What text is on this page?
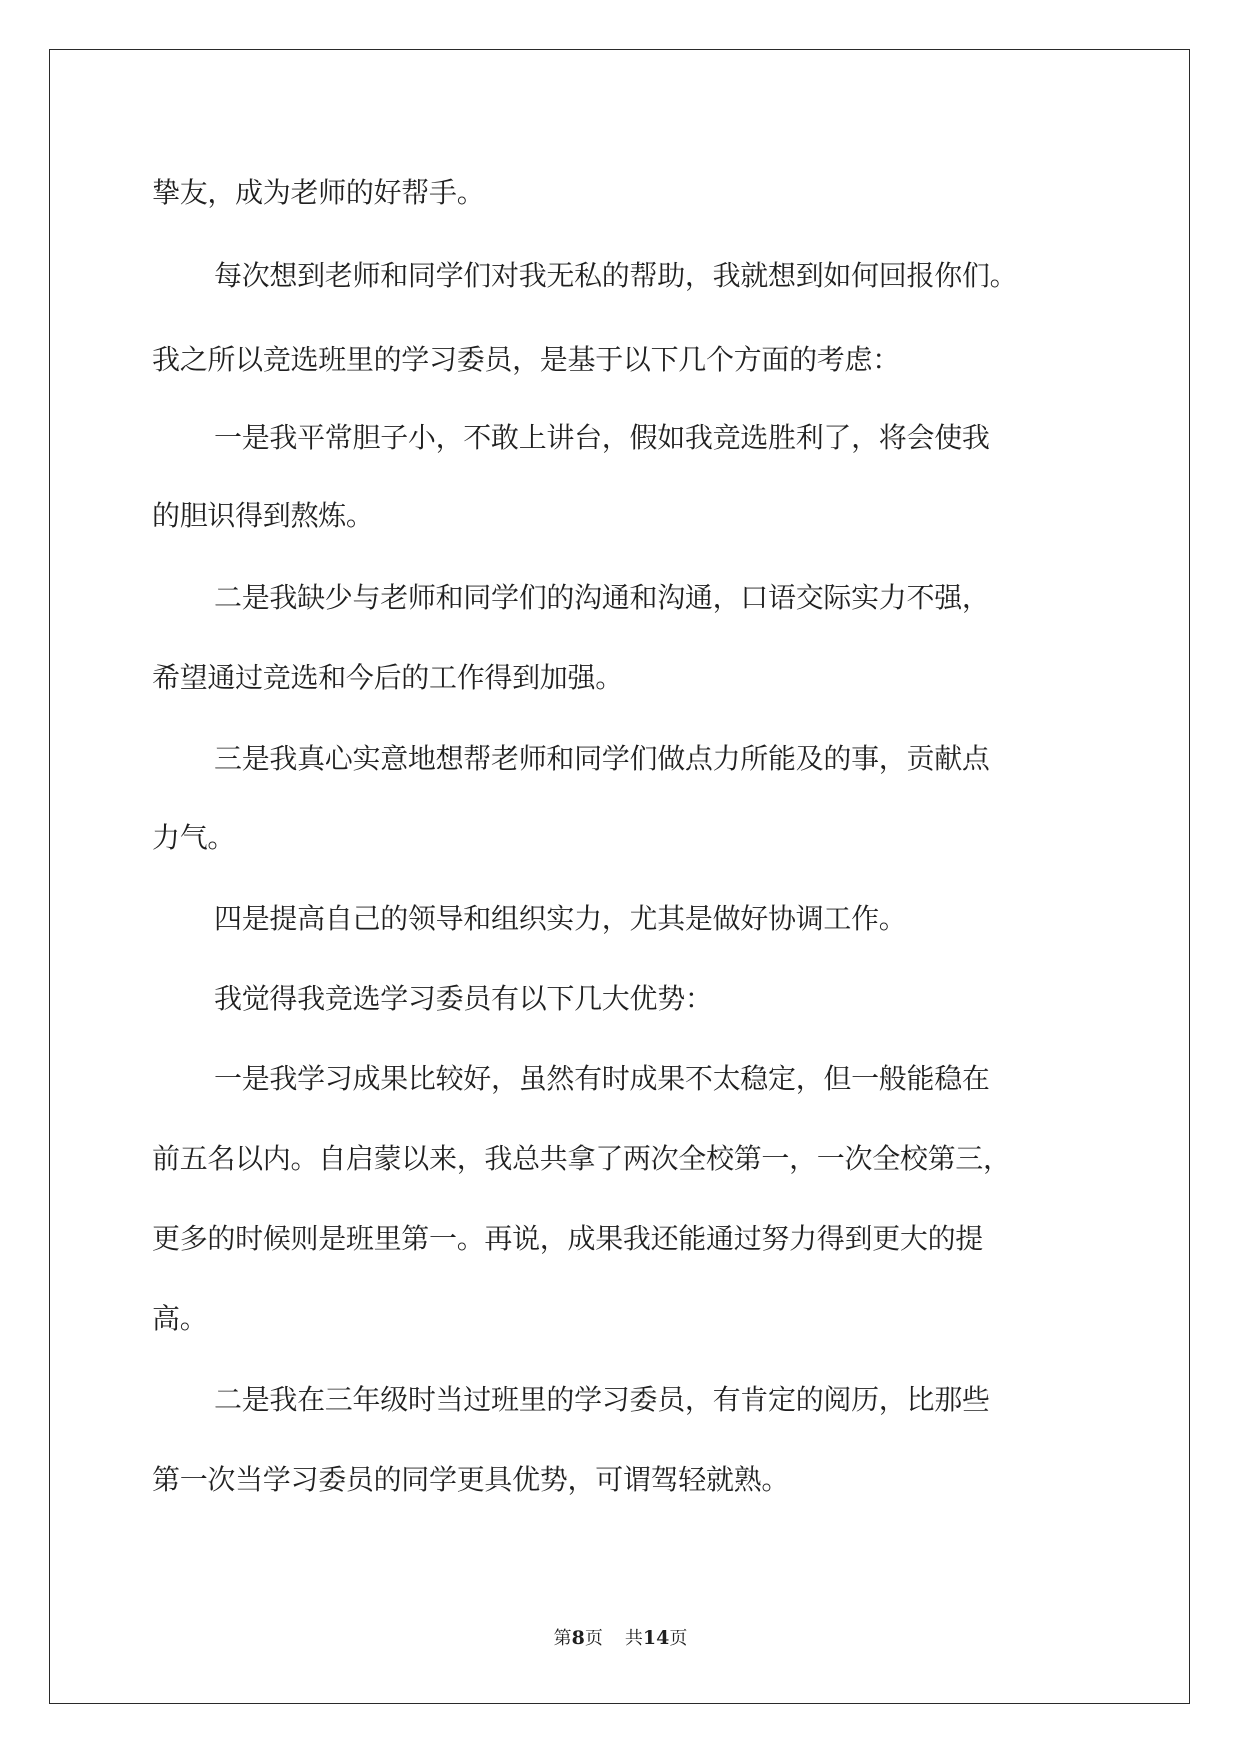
挚友，成为老师的好帮手。
每次想到老师和同学们对我无私的帮助，我就想到如何回报你们。
我之所以竞选班里的学习委员，是基于以下几个方面的考虑：
一是我平常胆子小，不敢上讲台，假如我竞选胜利了，将会使我
的胆识得到熬炼。
二是我缺少与老师和同学们的沟通和沟通，口语交际实力不强，
希望通过竞选和今后的工作得到加强。
三是我真心实意地想帮老师和同学们做点力所能及的事，贡献点
力气。
四是提高自己的领导和组织实力，尤其是做好协调工作。
我觉得我竞选学习委员有以下几大优势：
一是我学习成果比较好，虽然有时成果不太稳定，但一般能稳在
前五名以内。自启蒙以来，我总共拿了两次全校第一，一次全校第三，
更多的时候则是班里第一。再说，成果我还能通过努力得到更大的提
高。
二是我在三年级时当过班里的学习委员，有肯定的阅历，比那些
第一次当学习委员的同学更具优势，可谓驾轻就熟。
第8页 共14页
